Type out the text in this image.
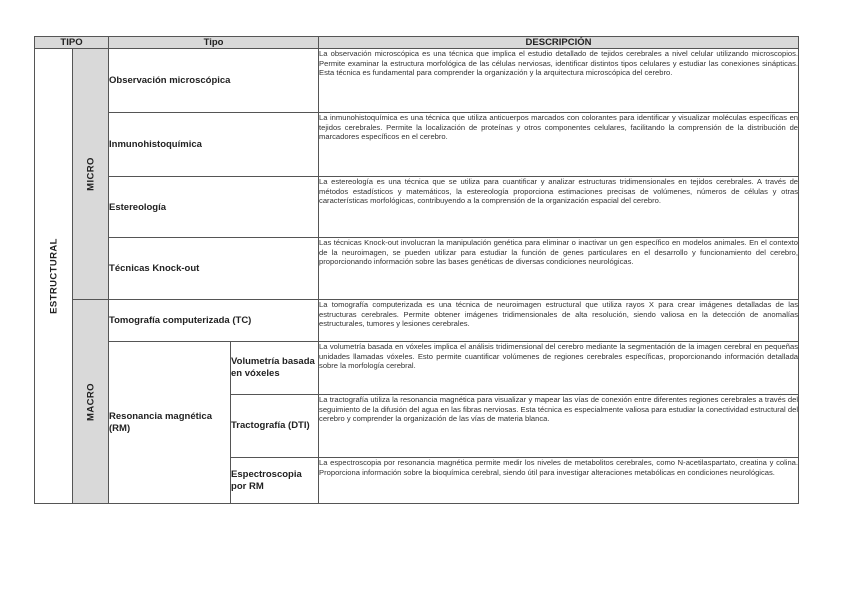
TIPO		Tipo		DESCRIPCIÓN

ESTRUCTURAL	MICRO	Observación microscópica		La observación microscópica es una técnica que implica el estudio detallado de tejidos cerebrales a nivel celular utilizando microscopios. Permite examinar la estructura morfológica de las células nerviosas, identificar distintos tipos celulares y estudiar las conexiones sinápticas. Esta técnica es fundamental para comprender la organización y la arquitectura microscópica del cerebro.
		Inmunohistoquímica		La inmunohistoquímica es una técnica que utiliza anticuerpos marcados con colorantes para identificar y visualizar moléculas específicas en tejidos cerebrales. Permite la localización de proteínas y otros componentes celulares, facilitando la comprensión de la distribución de marcadores específicos en el cerebro.
		Estereología		La estereología es una técnica que se utiliza para cuantificar y analizar estructuras tridimensionales en tejidos cerebrales. A través de métodos estadísticos y matemáticos, la estereología proporciona estimaciones precisas de volúmenes, números de células y otras características morfológicas, contribuyendo a la comprensión de la organización espacial del cerebro.
		Técnicas Knock-out		Las técnicas Knock-out involucran la manipulación genética para eliminar o inactivar un gen específico en modelos animales. En el contexto de la neuroimagen, se pueden utilizar para estudiar la función de genes particulares en el desarrollo y funcionamiento del cerebro, proporcionando información sobre las bases genéticas de diversas condiciones neurológicas.

	MACRO	Tomografía computerizada (TC)		La tomografía computerizada es una técnica de neuroimagen estructural que utiliza rayos X para crear imágenes detalladas de las estructuras cerebrales. Permite obtener imágenes tridimensionales de alta resolución, siendo valiosa en la detección de anomalías estructurales, tumores y lesiones cerebrales.
		Resonancia magnética (RM)	Volumetría basada en vóxeles	La volumetría basada en vóxeles implica el análisis tridimensional del cerebro mediante la segmentación de la imagen cerebral en pequeñas unidades llamadas vóxeles. Esto permite cuantificar volúmenes de regiones cerebrales específicas, proporcionando información detallada sobre la morfología cerebral.
			Tractografía (DTI)	La tractografía utiliza la resonancia magnética para visualizar y mapear las vías de conexión entre diferentes regiones cerebrales a través del seguimiento de la difusión del agua en las fibras nerviosas. Esta técnica es especialmente valiosa para estudiar la conectividad estructural del cerebro y comprender la organización de las vías de materia blanca.
			Espectroscopia por RM	La espectroscopia por resonancia magnética permite medir los niveles de metabolitos cerebrales, como N-acetilaspartato, creatina y colina. Proporciona información sobre la bioquímica cerebral, siendo útil para investigar alteraciones metabólicas en condiciones neurológicas.
